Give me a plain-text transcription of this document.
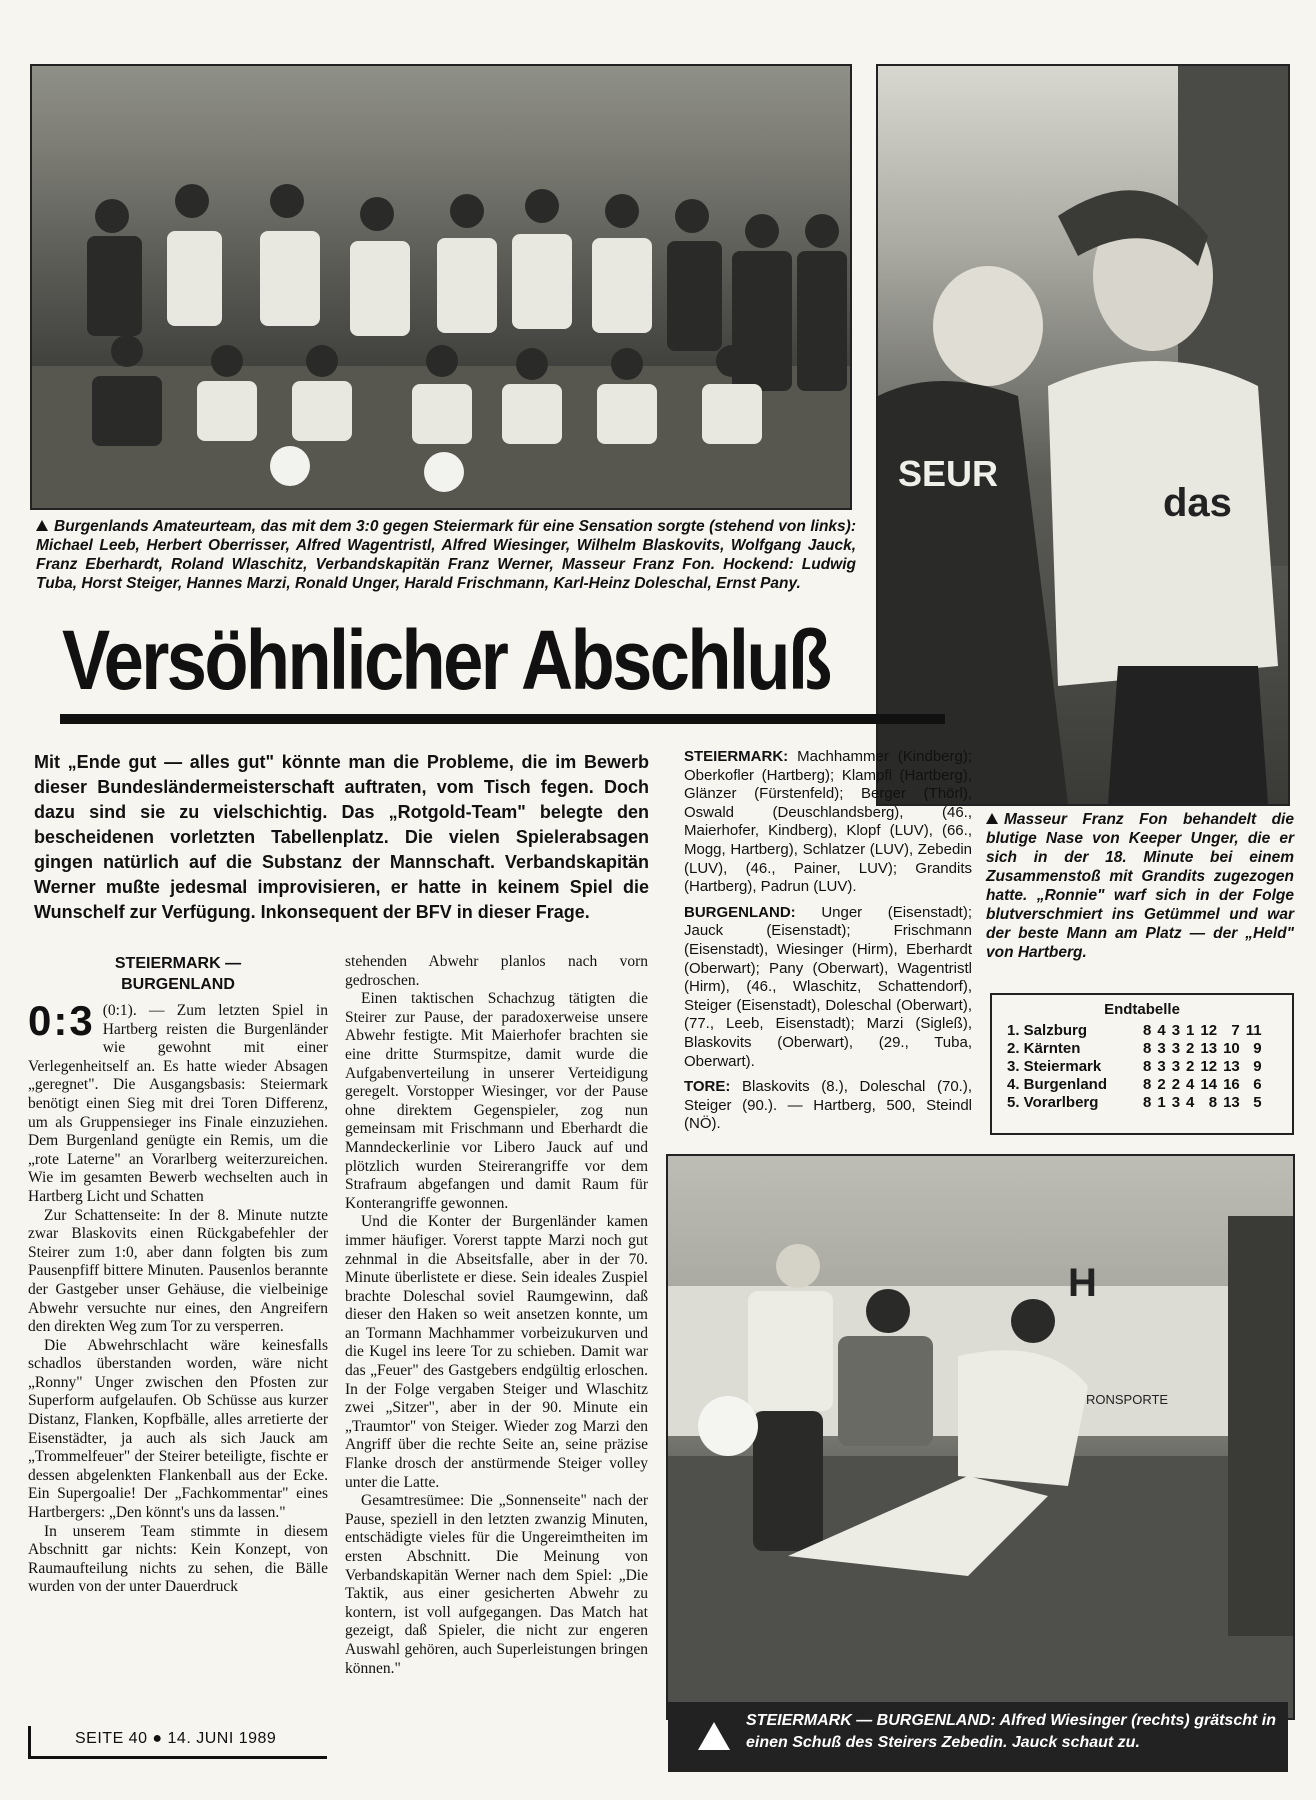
SEUR
das
Burgenlands Amateurteam, das mit dem 3:0 gegen Steiermark für eine Sensation sorgte (stehend von links): Michael Leeb, Herbert Oberrisser, Alfred Wagentristl, Alfred Wiesinger, Wilhelm Blaskovits, Wolfgang Jauck, Franz Eberhardt, Roland Wlaschitz, Verbandskapitän Franz Werner, Masseur Franz Fon. Hockend: Ludwig Tuba, Horst Steiger, Hannes Marzi, Ronald Unger, Harald Frischmann, Karl-Heinz Doleschal, Ernst Pany.
Versöhnlicher Abschluß
Masseur Franz Fon behandelt die blutige Nase von Keeper Unger, die er sich in der 18. Minute bei einem Zusammenstoß mit Grandits zugezogen hatte. „Ronnie" warf sich in der Folge blutverschmiert ins Getümmel und war der beste Mann am Platz — der „Held" von Hartberg.
Mit „Ende gut — alles gut" könnte man die Probleme, die im Bewerb dieser Bundesländermeisterschaft auftraten, vom Tisch fegen. Doch dazu sind sie zu vielschichtig. Das „Rotgold-Team" belegte den bescheidenen vorletzten Tabellenplatz. Die vielen Spielerabsagen gingen natürlich auf die Substanz der Mannschaft. Verbandskapitän Werner mußte jedesmal improvisieren, er hatte in keinem Spiel die Wunschelf zur Verfügung. Inkonsequent der BFV in dieser Frage.
STEIERMARK —
BURGENLAND
0:3 (0:1). — Zum letzten Spiel in Hartberg reisten die Burgenländer wie gewohnt mit einer Verlegenheitself an. Es hatte wieder Absagen „geregnet". Die Ausgangsbasis: Steiermark benötigt einen Sieg mit drei Toren Differenz, um als Gruppensieger ins Finale einzuziehen. Dem Burgenland genügte ein Remis, um die „rote Laterne" an Vorarlberg weiterzureichen. Wie im gesamten Bewerb wechselten auch in Hartberg Licht und Schatten

Zur Schattenseite: In der 8. Minute nutzte zwar Blaskovits einen Rückgabefehler der Steirer zum 1:0, aber dann folgten bis zum Pausenpfiff bittere Minuten. Pausenlos berannte der Gastgeber unser Gehäuse, die vielbeinige Abwehr versuchte nur eines, den Angreifern den direkten Weg zum Tor zu versperren.

Die Abwehrschlacht wäre keinesfalls schadlos überstanden worden, wäre nicht „Ronny" Unger zwischen den Pfosten zur Superform aufgelaufen. Ob Schüsse aus kurzer Distanz, Flanken, Kopfbälle, alles arretierte der Eisenstädter, ja auch als sich Jauck am „Trommelfeuer" der Steirer beteiligte, fischte er dessen abgelenkten Flankenball aus der Ecke. Ein Supergoalie! Der „Fachkommentar" eines Hartbergers: „Den könnt's uns da lassen."

In unserem Team stimmte in diesem Abschnitt gar nichts: Kein Konzept, von Raumaufteilung nichts zu sehen, die Bälle wurden von der unter Dauerdruck

stehenden Abwehr planlos nach vorn gedroschen.

Einen taktischen Schachzug tätigten die Steirer zur Pause, der paradoxerweise unsere Abwehr festigte. Mit Maierhofer brachten sie eine dritte Sturmspitze, damit wurde die Aufgabenverteilung in unserer Verteidigung geregelt. Vorstopper Wiesinger, vor der Pause ohne direktem Gegenspieler, zog nun gemeinsam mit Frischmann und Eberhardt die Manndeckerlinie vor Libero Jauck auf und plötzlich wurden Steirerangriffe vor dem Strafraum abgefangen und damit Raum für Konterangriffe gewonnen.

Und die Konter der Burgenländer kamen immer häufiger. Vorerst tappte Marzi noch gut zehnmal in die Abseitsfalle, aber in der 70. Minute überlistete er diese. Sein ideales Zuspiel brachte Doleschal soviel Raumgewinn, daß dieser den Haken so weit ansetzen konnte, um an Tormann Machhammer vorbeizukurven und die Kugel ins leere Tor zu schieben. Damit war das „Feuer" des Gastgebers endgültig erloschen. In der Folge vergaben Steiger und Wlaschitz zwei „Sitzer", aber in der 90. Minute ein „Traumtor" von Steiger. Wieder zog Marzi den Angriff über die rechte Seite an, seine präzise Flanke drosch der anstürmende Steiger volley unter die Latte.

Gesamtresümee: Die „Sonnenseite" nach der Pause, speziell in den letzten zwanzig Minuten, entschädigte vieles für die Ungereimtheiten im ersten Abschnitt. Die Meinung von Verbandskapitän Werner nach dem Spiel: „Die Taktik, aus einer gesicherten Abwehr zu kontern, ist voll aufgegangen. Das Match hat gezeigt, daß Spieler, die nicht zur engeren Auswahl gehören, auch Superleistungen bringen können."

STEIERMARK: Machhammer (Kindberg); Oberkofler (Hartberg); Klampfl (Hartberg), Glänzer (Fürstenfeld); Berger (Thörl), Oswald (Deuschlandsberg), (46., Maierhofer, Kindberg), Klopf (LUV), (66., Mogg, Hartberg), Schlatzer (LUV), Zebedin (LUV), (46., Painer, LUV); Grandits (Hartberg), Padrun (LUV).

BURGENLAND: Unger (Eisenstadt); Jauck (Eisenstadt); Frischmann (Eisenstadt), Wiesinger (Hirm), Eberhardt (Oberwart); Pany (Oberwart), Wagentristl (Hirm), (46., Wlaschitz, Schattendorf), Steiger (Eisenstadt), Doleschal (Oberwart), (77., Leeb, Eisenstadt); Marzi (Sigleß), Blaskovits (Oberwart), (29., Tuba, Oberwart).

TORE: Blaskovits (8.), Doleschal (70.), Steiger (90.). — Hartberg, 500, Steindl (NÖ).

Endtabelle
1. Salzburg	8	4	3	1	12	7	11
2. Kärnten	8	3	3	2	13	10	9
3. Steiermark	8	3	3	2	12	13	9
4. Burgenland	8	2	2	4	14	16	6
5. Vorarlberg	8	1	3	4	8	13	5
H
RONSPORTE
STEIERMARK — BURGENLAND: Alfred Wiesinger (rechts) grätscht in einen Schuß des Steirers Zebedin. Jauck schaut zu.
SEITE 40 ● 14. JUNI 1989
